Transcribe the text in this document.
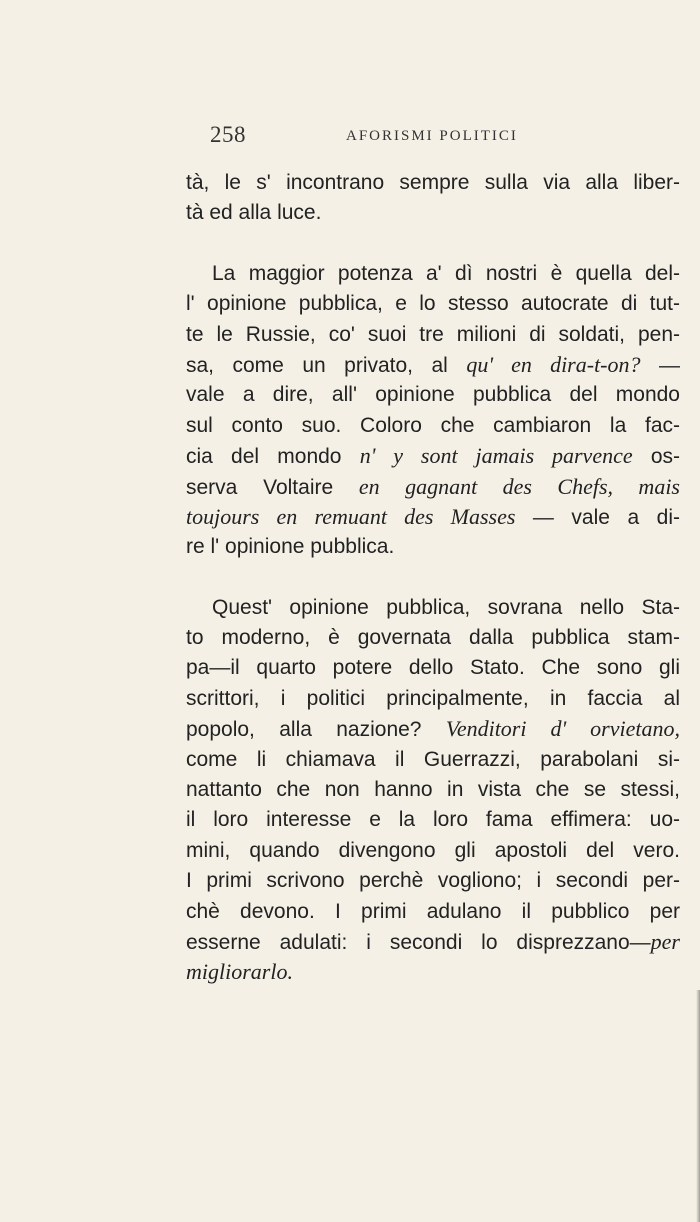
258	AFORISMI POLITICI
tà, le s' incontrano sempre sulla via alla liber-
tà ed alla luce.
La maggior potenza a' dì nostri è quella del-
l' opinione pubblica, e lo stesso autocrate di tut-
te le Russie, co' suoi tre milioni di soldati, pen-
sa, come un privato, al qu' en dira-t-on? —
vale a dire, all' opinione pubblica del mondo
sul conto suo. Coloro che cambiaron la fac-
cia del mondo n' y sont jamais parvence os-
serva Voltaire en gagnant des Chefs, mais
toujours en remuant des Masses — vale a di-
re l' opinione pubblica.
Quest' opinione pubblica, sovrana nello Sta-
to moderno, è governata dalla pubblica stam-
pa—il quarto potere dello Stato. Che sono gli
scrittori, i politici principalmente, in faccia al
popolo, alla nazione? Venditori d' orvietano,
come li chiamava il Guerrazzi, parabolani si-
nattanto che non hanno in vista che se stessi,
il loro interesse e la loro fama effimera: uo-
mini, quando divengono gli apostoli del vero.
I primi scrivono perchè vogliono; i secondi per-
chè devono. I primi adulano il pubblico per
esserne adulati: i secondi lo disprezzano—per
migliorarlo.
